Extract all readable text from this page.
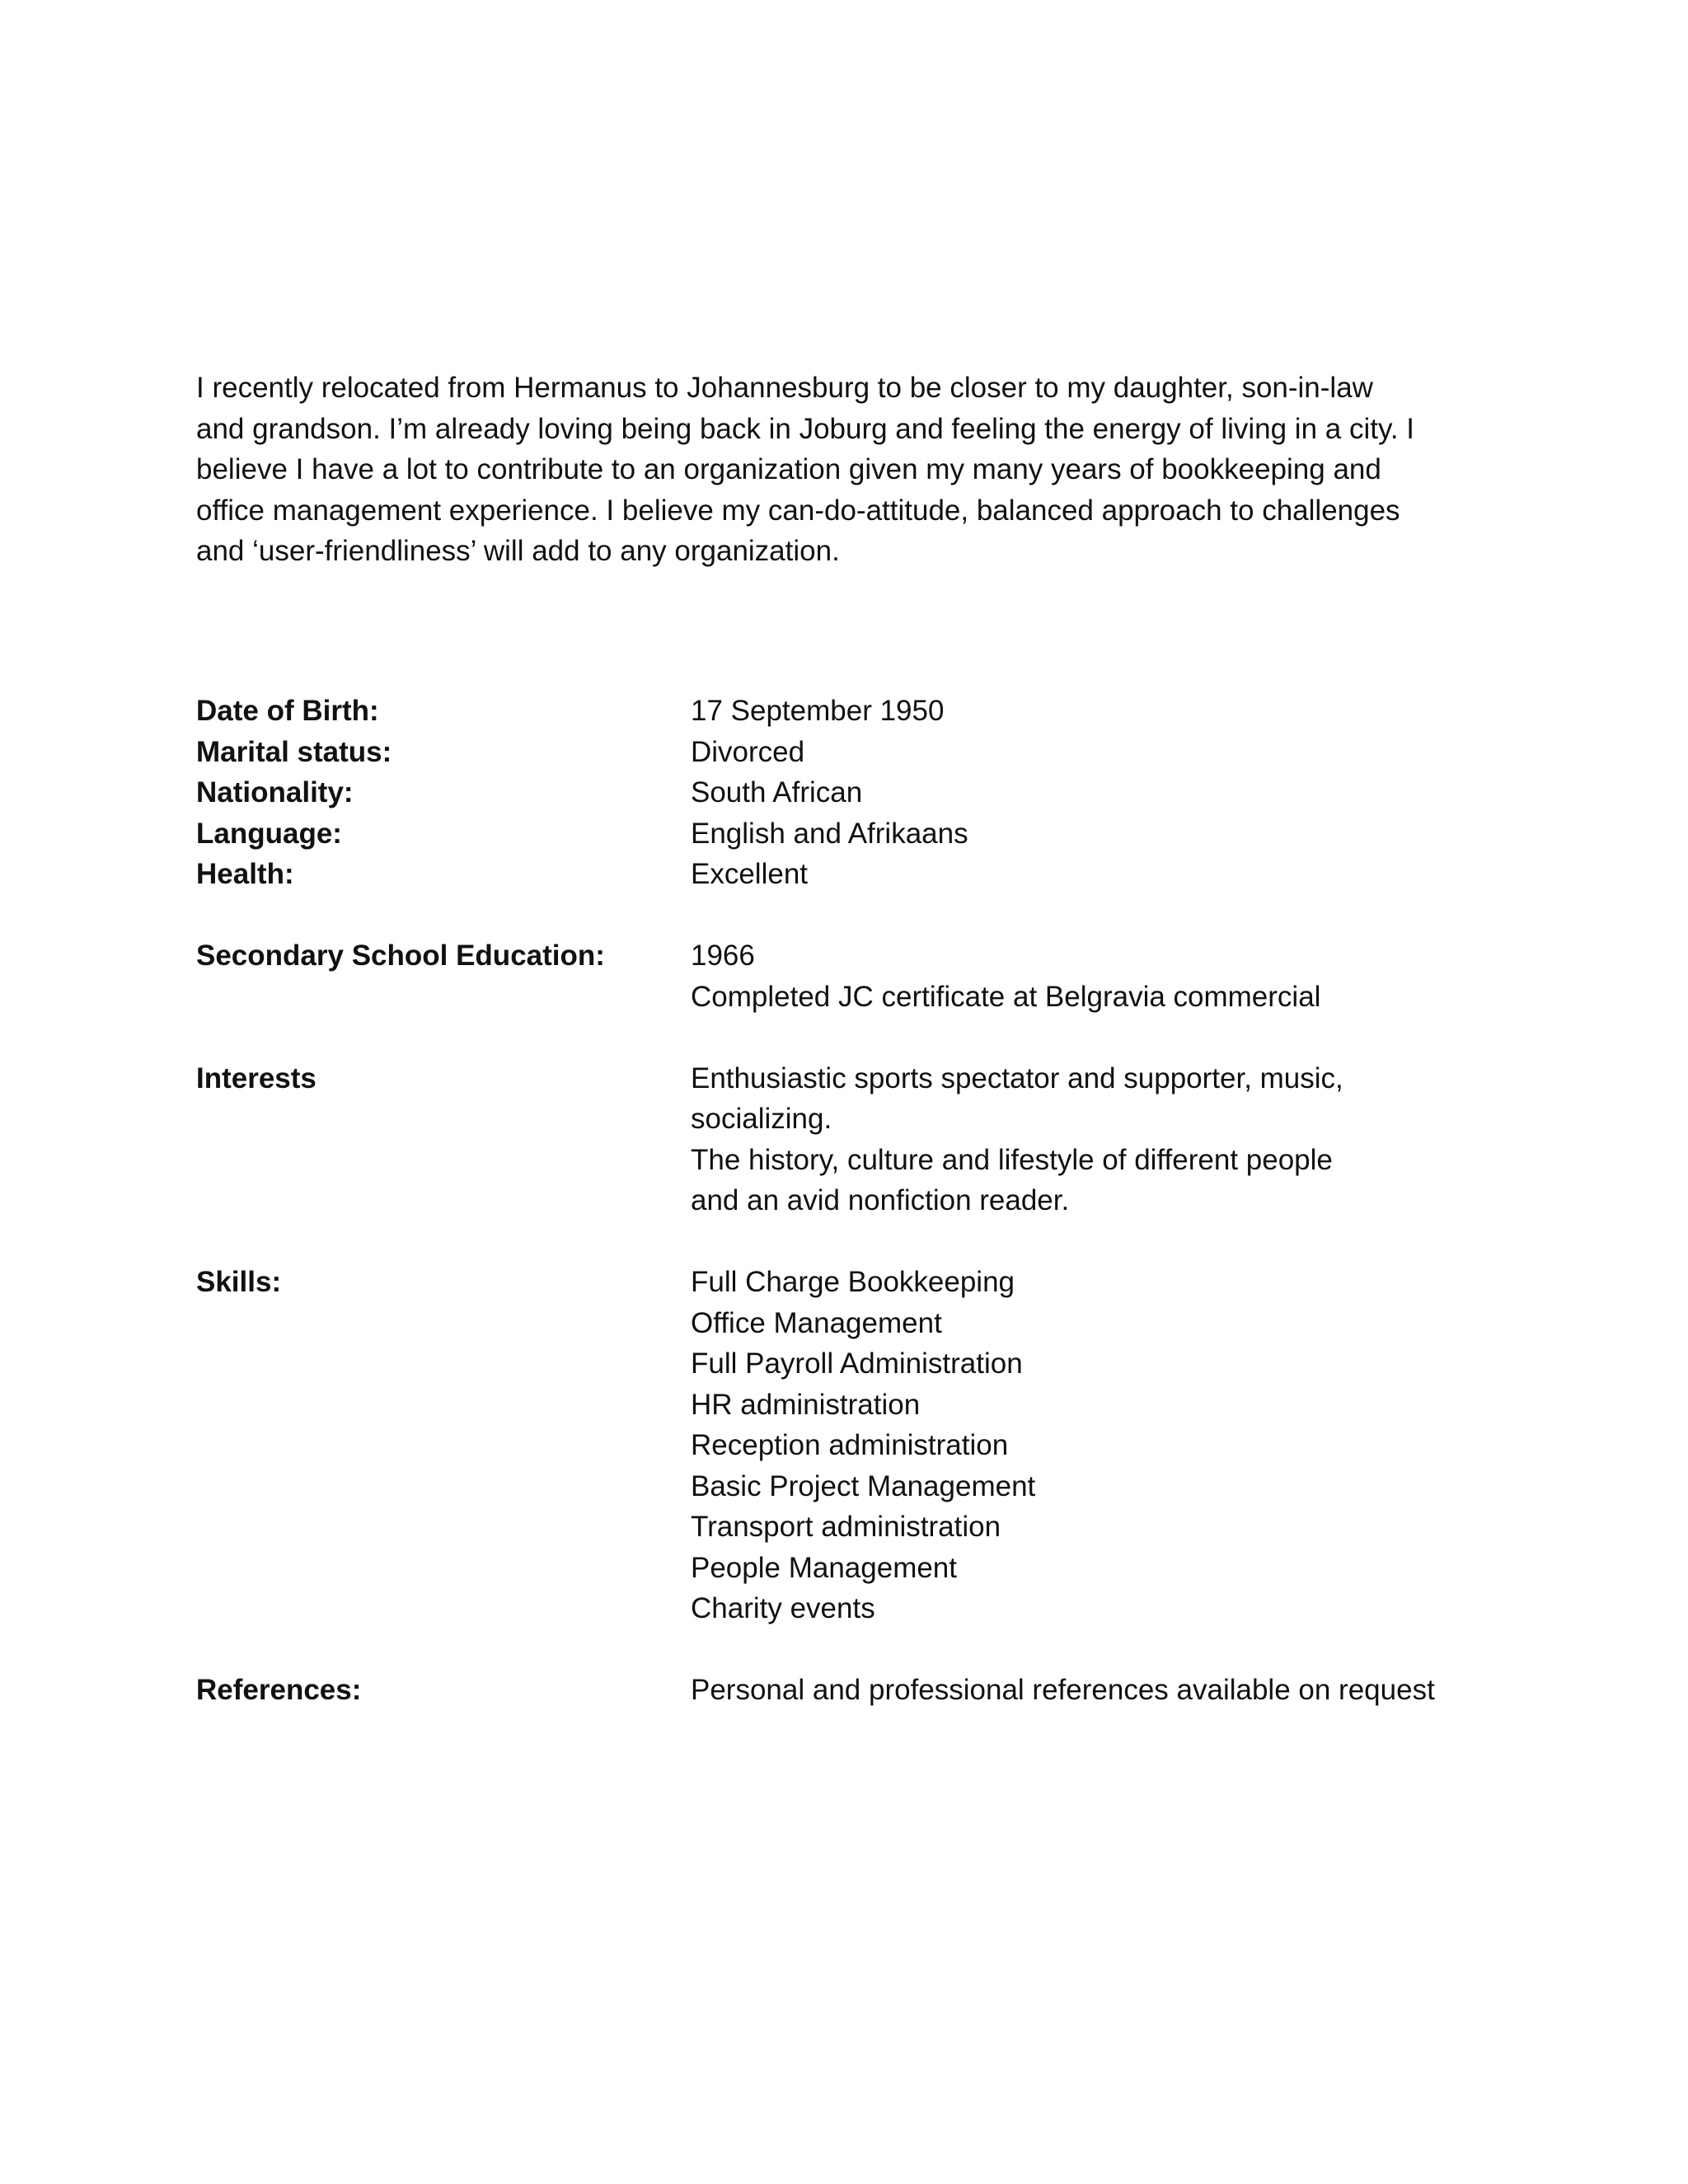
I recently relocated from Hermanus to Johannesburg to be closer to my daughter, son-in-law
and grandson. I’m already loving being back in Joburg and feeling the energy of living in a city. I
believe I have a lot to contribute to an organization given my many years of bookkeeping and
office management experience. I believe my can-do-attitude, balanced approach to challenges
and ‘user-friendliness’ will add to any organization.

Date of Birth:	17 September 1950
Marital status:	Divorced
Nationality:	South African
Language:	English and Afrikaans
Health:	Excellent
Secondary School Education:	1966
Completed JC certificate at Belgravia commercial
Interests	Enthusiastic sports spectator and supporter, music,
socializing.
The history, culture and lifestyle of different people
and an avid nonfiction reader.
Skills:	Full Charge Bookkeeping
Office Management
Full Payroll Administration
HR administration
Reception administration
Basic Project Management
Transport administration
People Management
Charity events
References:	Personal and professional references available on request
